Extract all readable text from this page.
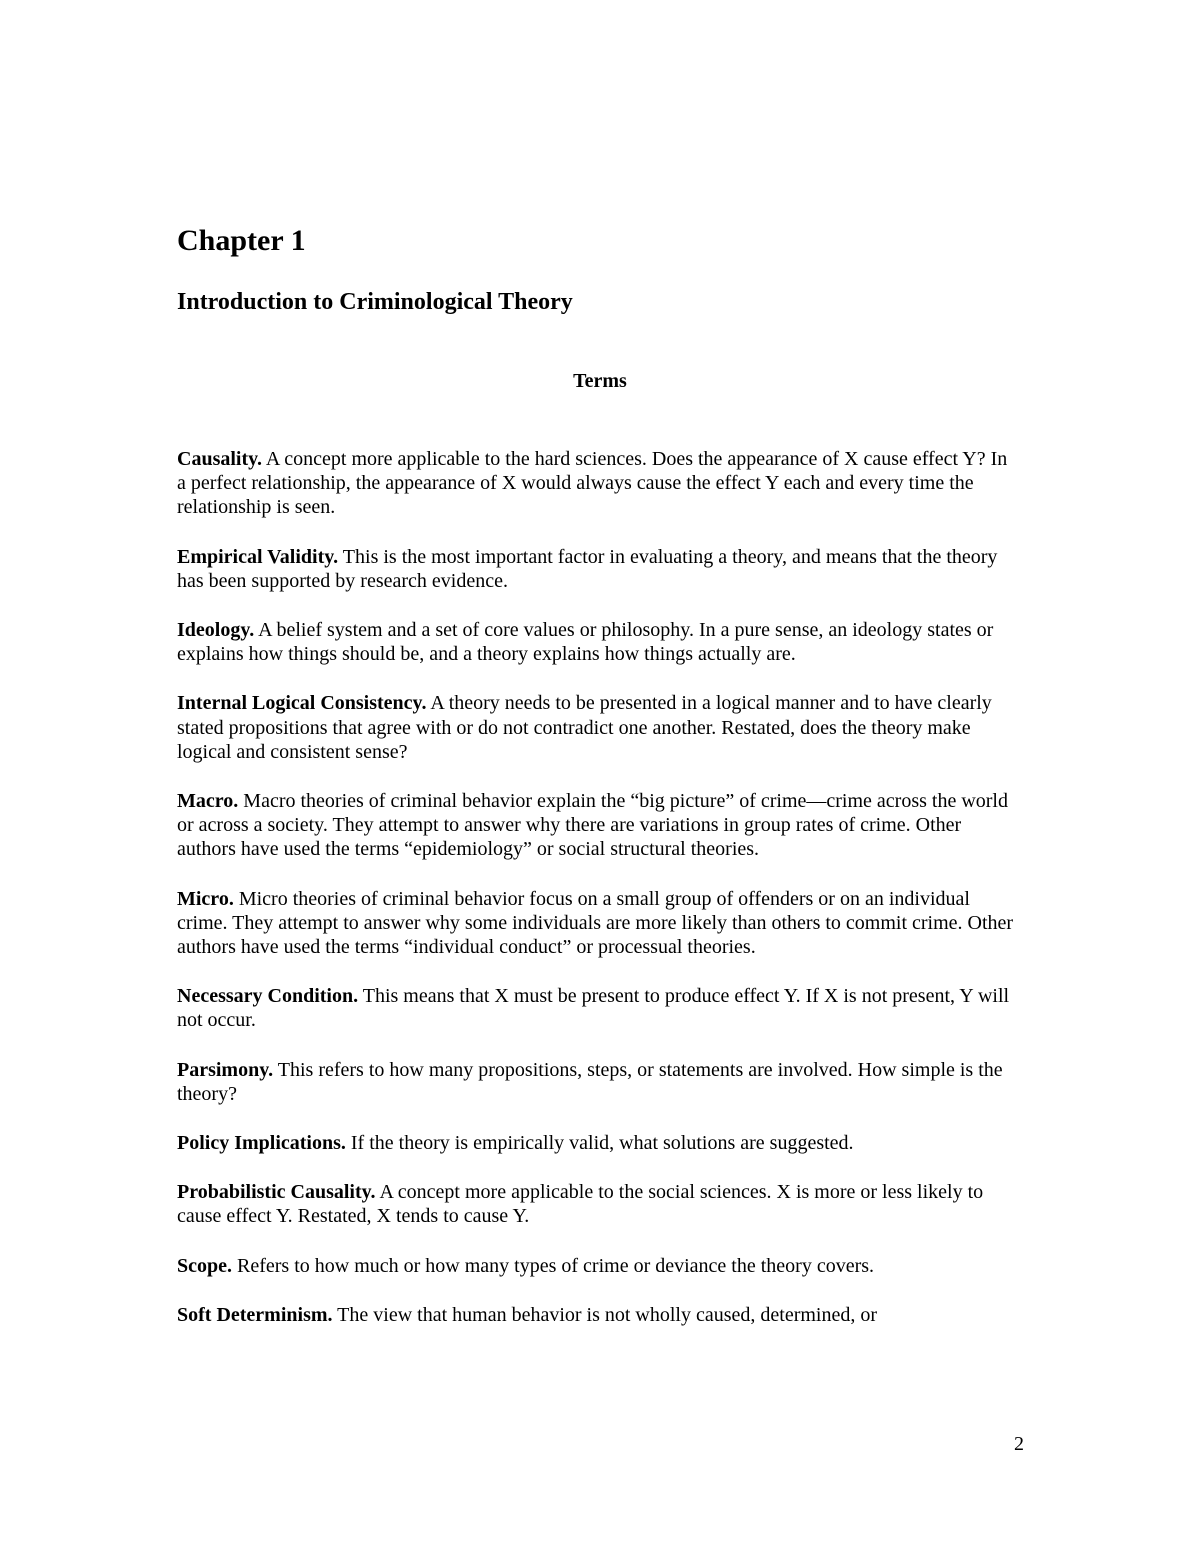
Chapter 1
Introduction to Criminological Theory
Terms
Causality. A concept more applicable to the hard sciences. Does the appearance of X cause effect Y? In a perfect relationship, the appearance of X would always cause the effect Y each and every time the relationship is seen.
Empirical Validity. This is the most important factor in evaluating a theory, and means that the theory has been supported by research evidence.
Ideology. A belief system and a set of core values or philosophy. In a pure sense, an ideology states or explains how things should be, and a theory explains how things actually are.
Internal Logical Consistency. A theory needs to be presented in a logical manner and to have clearly stated propositions that agree with or do not contradict one another. Restated, does the theory make logical and consistent sense?
Macro. Macro theories of criminal behavior explain the “big picture” of crime—crime across the world or across a society. They attempt to answer why there are variations in group rates of crime. Other authors have used the terms “epidemiology” or social structural theories.
Micro. Micro theories of criminal behavior focus on a small group of offenders or on an individual crime. They attempt to answer why some individuals are more likely than others to commit crime. Other authors have used the terms “individual conduct” or processual theories.
Necessary Condition. This means that X must be present to produce effect Y. If X is not present, Y will not occur.
Parsimony. This refers to how many propositions, steps, or statements are involved. How simple is the theory?
Policy Implications. If the theory is empirically valid, what solutions are suggested.
Probabilistic Causality. A concept more applicable to the social sciences. X is more or less likely to cause effect Y. Restated, X tends to cause Y.
Scope. Refers to how much or how many types of crime or deviance the theory covers.
Soft Determinism. The view that human behavior is not wholly caused, determined, or
2
